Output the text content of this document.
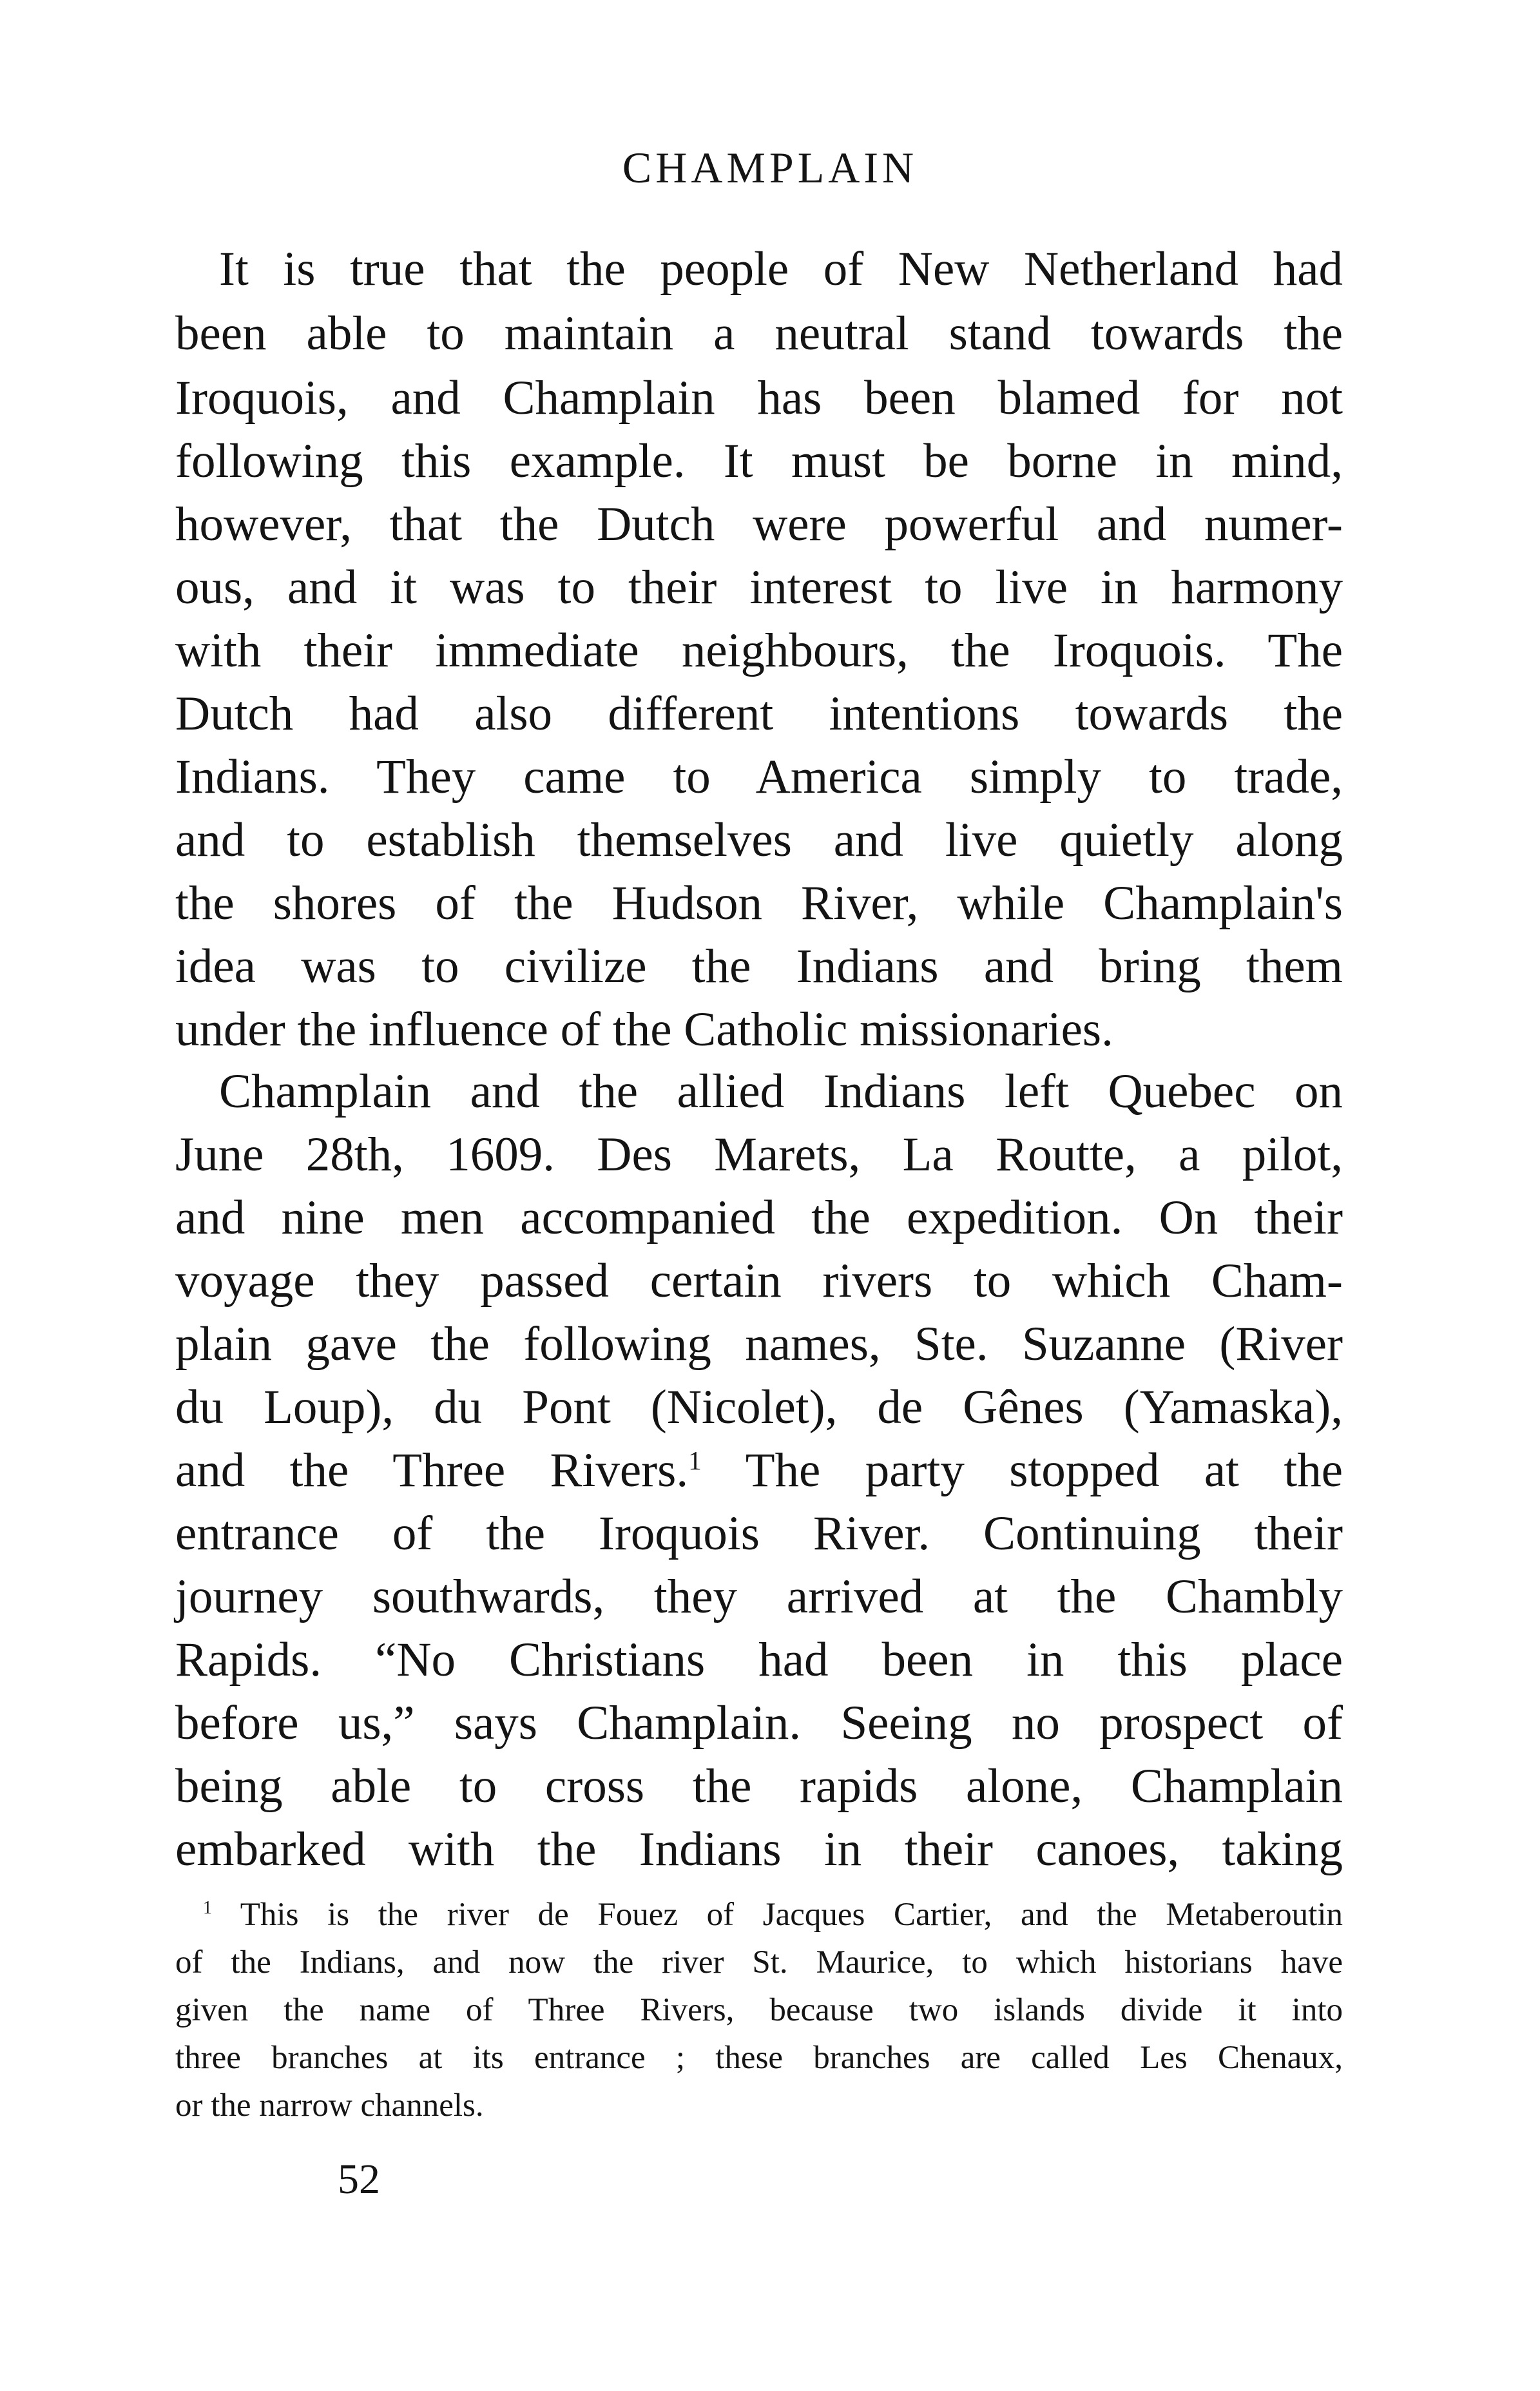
CHAMPLAIN
It is true that the people of New Netherland had
been able to maintain a neutral stand towards the
Iroquois, and Champlain has been blamed for not
following this example. It must be borne in mind,
however, that the Dutch were powerful and numer-
ous, and it was to their interest to live in harmony
with their immediate neighbours, the Iroquois. The
Dutch had also different intentions towards the
Indians. They came to America simply to trade,
and to establish themselves and live quietly along
the shores of the Hudson River, while Champlain's
idea was to civilize the Indians and bring them
under the influence of the Catholic missionaries.
Champlain and the allied Indians left Quebec on
June 28th, 1609. Des Marets, La Routte, a pilot,
and nine men accompanied the expedition. On their
voyage they passed certain rivers to which Cham-
plain gave the following names, Ste. Suzanne (River
du Loup), du Pont (Nicolet), de Gênes (Yamaska),
and the Three Rivers.$^1$ The party stopped at the
entrance of the Iroquois River. Continuing their
journey southwards, they arrived at the Chambly
Rapids. “No Christians had been in this place
before us,” says Champlain. Seeing no prospect of
being able to cross the rapids alone, Champlain
embarked with the Indians in their canoes, taking
$^1$ This is the river de Fouez of Jacques Cartier, and the Metaberoutin
of the Indians, and now the river St. Maurice, to which historians have
given the name of Three Rivers, because two islands divide it into
three branches at its entrance ; these branches are called Les Chenaux,
or the narrow channels.
52
